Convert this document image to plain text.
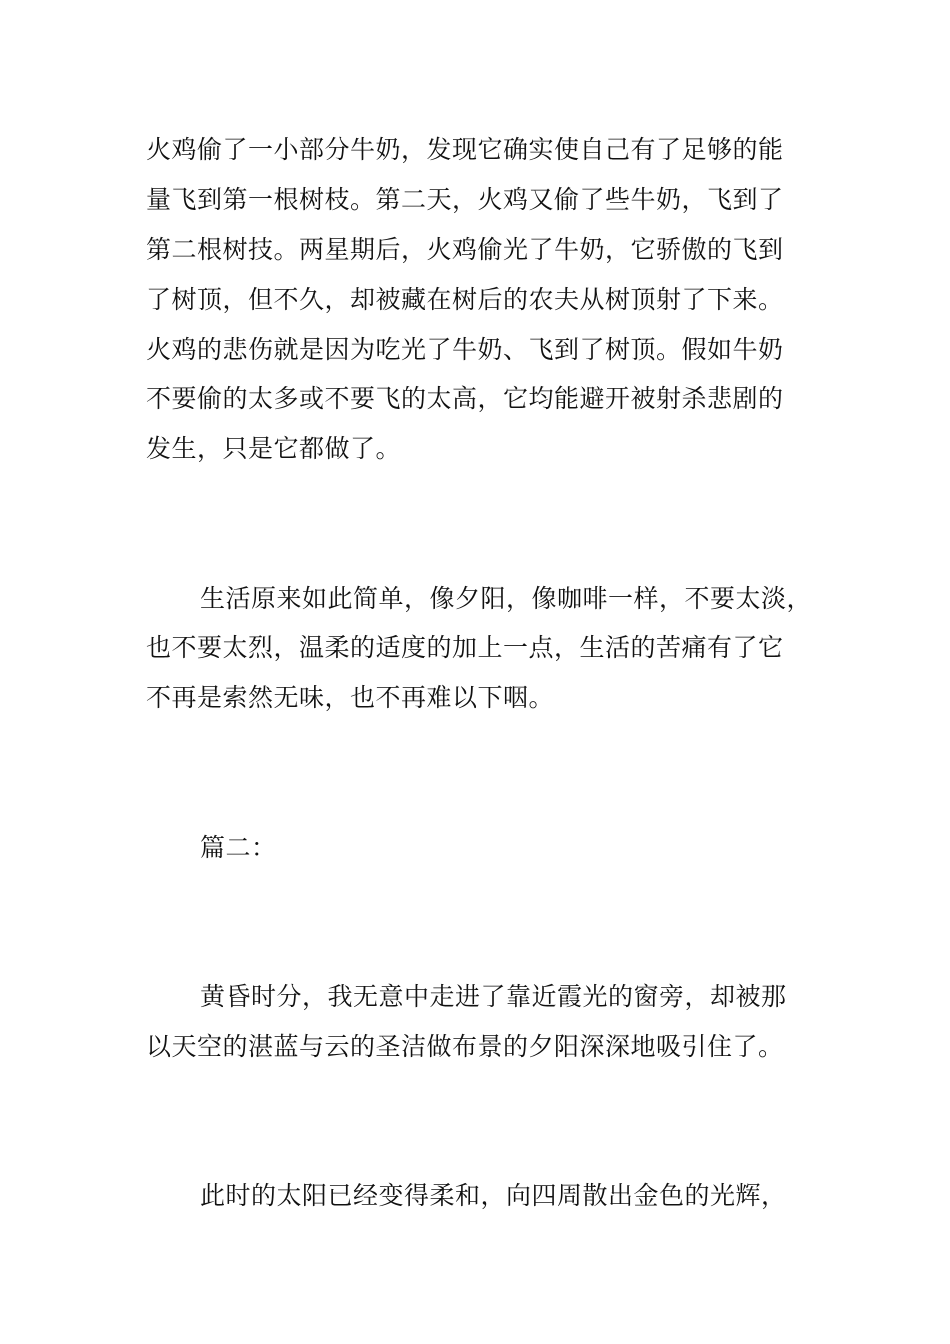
火鸡偷了一小部分牛奶，发现它确实使自己有了足够的能
量飞到第一根树枝。第二天，火鸡又偷了些牛奶，飞到了
第二根树技。两星期后，火鸡偷光了牛奶，它骄傲的飞到
了树顶，但不久，却被藏在树后的农夫从树顶射了下来。
火鸡的悲伤就是因为吃光了牛奶、飞到了树顶。假如牛奶
不要偷的太多或不要飞的太高，它均能避开被射杀悲剧的
发生，只是它都做了。
生活原来如此简单，像夕阳，像咖啡一样，不要太淡，
也不要太烈，温柔的适度的加上一点，生活的苦痛有了它
不再是索然无味，也不再难以下咽。
篇二：
黄昏时分，我无意中走进了靠近霞光的窗旁，却被那
以天空的湛蓝与云的圣洁做布景的夕阳深深地吸引住了。
此时的太阳已经变得柔和，向四周散出金色的光辉，
